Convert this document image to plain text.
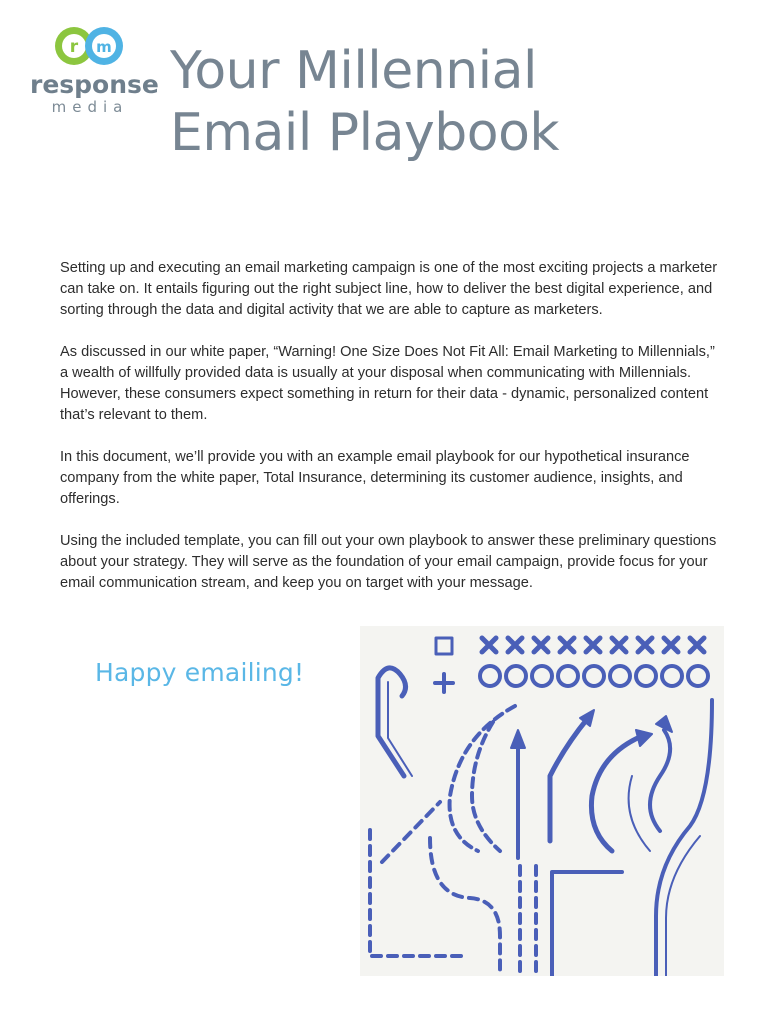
r m
response
media
Your Millennial
Email Playbook

Setting up and executing an email marketing campaign is one of the most exciting projects a marketer can take on. It entails figuring out the right subject line, how to deliver the best digital experience, and sorting through the data and digital activity that we are able to capture as marketers.

As discussed in our white paper, “Warning! One Size Does Not Fit All: Email Marketing to Millennials,” a wealth of willfully provided data is usually at your disposal when communicating with Millennials. However, these consumers expect something in return for their data - dynamic, personalized content that’s relevant to them.

In this document, we’ll provide you with an example email playbook for our hypothetical insurance company from the white paper, Total Insurance, determining its customer audience, insights, and offerings.

Using the included template, you can fill out your own playbook to answer these preliminary questions about your strategy. They will serve as the foundation of your email campaign, provide focus for your email communication stream, and keep you on target with your message.

Happy emailing!
